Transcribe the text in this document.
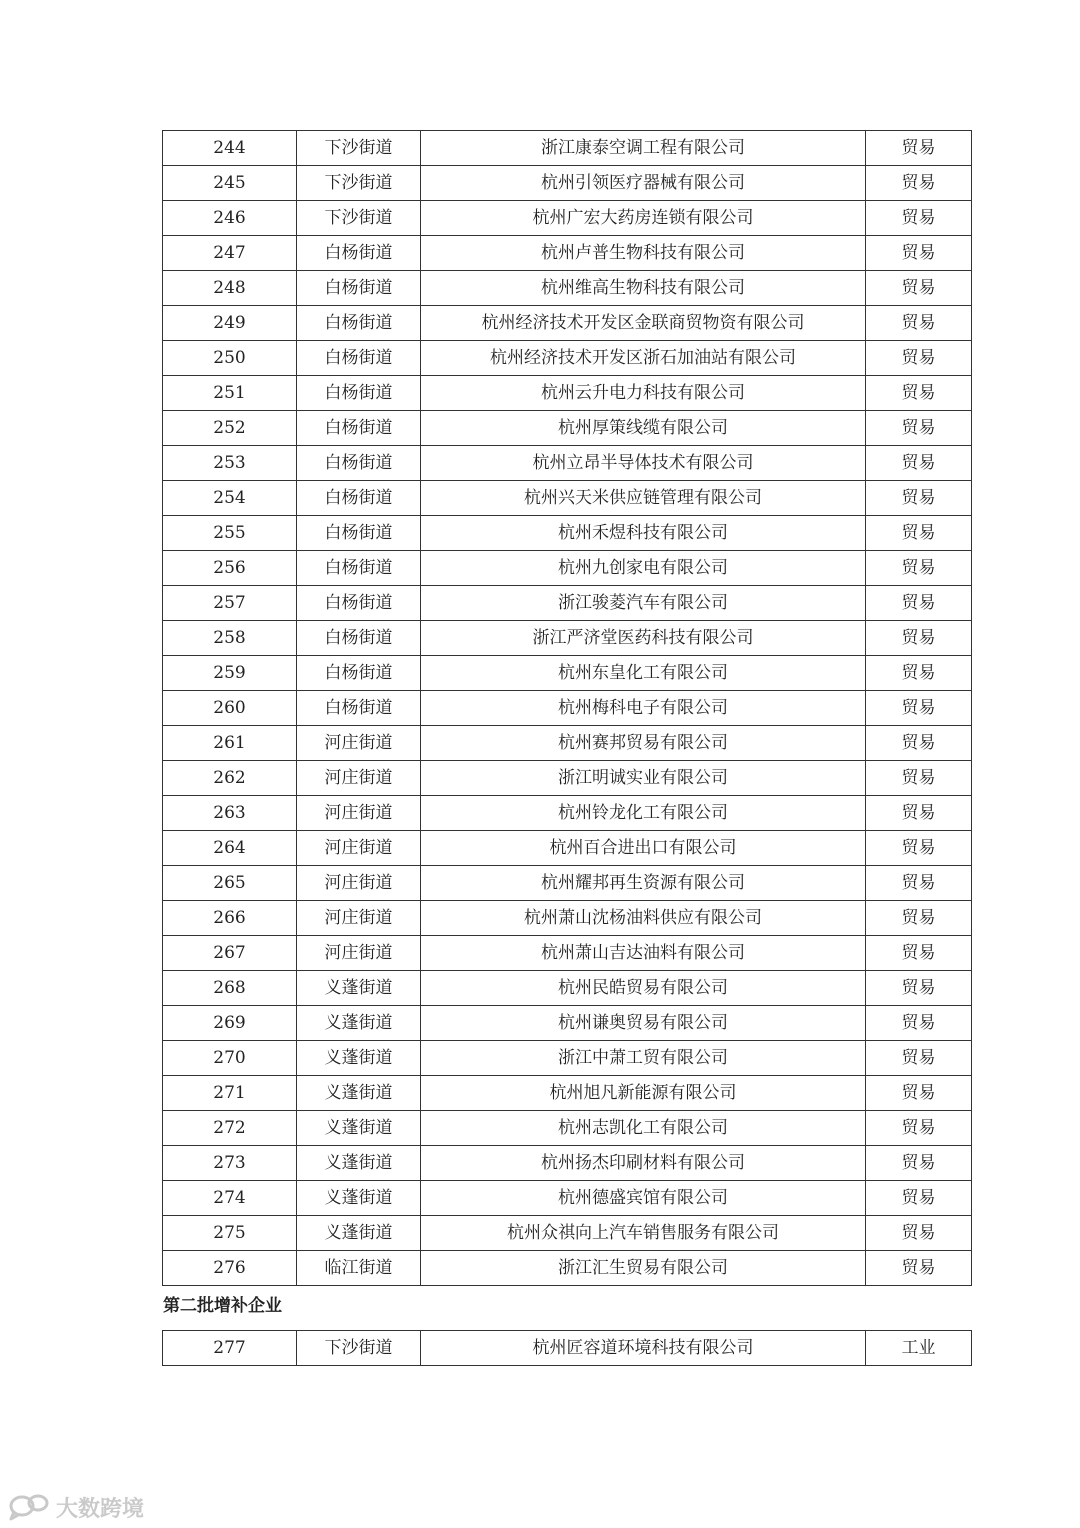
244	下沙街道	浙江康泰空调工程有限公司	贸易
245	下沙街道	杭州引领医疗器械有限公司	贸易
246	下沙街道	杭州广宏大药房连锁有限公司	贸易
247	白杨街道	杭州卢普生物科技有限公司	贸易
248	白杨街道	杭州维高生物科技有限公司	贸易
249	白杨街道	杭州经济技术开发区金联商贸物资有限公司	贸易
250	白杨街道	杭州经济技术开发区浙石加油站有限公司	贸易
251	白杨街道	杭州云升电力科技有限公司	贸易
252	白杨街道	杭州厚策线缆有限公司	贸易
253	白杨街道	杭州立昂半导体技术有限公司	贸易
254	白杨街道	杭州兴天米供应链管理有限公司	贸易
255	白杨街道	杭州禾煜科技有限公司	贸易
256	白杨街道	杭州九创家电有限公司	贸易
257	白杨街道	浙江骏菱汽车有限公司	贸易
258	白杨街道	浙江严济堂医药科技有限公司	贸易
259	白杨街道	杭州东皇化工有限公司	贸易
260	白杨街道	杭州梅科电子有限公司	贸易
261	河庄街道	杭州赛邦贸易有限公司	贸易
262	河庄街道	浙江明诚实业有限公司	贸易
263	河庄街道	杭州铃龙化工有限公司	贸易
264	河庄街道	杭州百合进出口有限公司	贸易
265	河庄街道	杭州耀邦再生资源有限公司	贸易
266	河庄街道	杭州萧山沈杨油料供应有限公司	贸易
267	河庄街道	杭州萧山吉达油料有限公司	贸易
268	义蓬街道	杭州民皓贸易有限公司	贸易
269	义蓬街道	杭州谦奥贸易有限公司	贸易
270	义蓬街道	浙江中萧工贸有限公司	贸易
271	义蓬街道	杭州旭凡新能源有限公司	贸易
272	义蓬街道	杭州志凯化工有限公司	贸易
273	义蓬街道	杭州扬杰印刷材料有限公司	贸易
274	义蓬街道	杭州德盛宾馆有限公司	贸易
275	义蓬街道	杭州众祺向上汽车销售服务有限公司	贸易
276	临江街道	浙江汇生贸易有限公司	贸易
第二批增补企业
277	下沙街道	杭州匠容道环境科技有限公司	工业
大数跨境
